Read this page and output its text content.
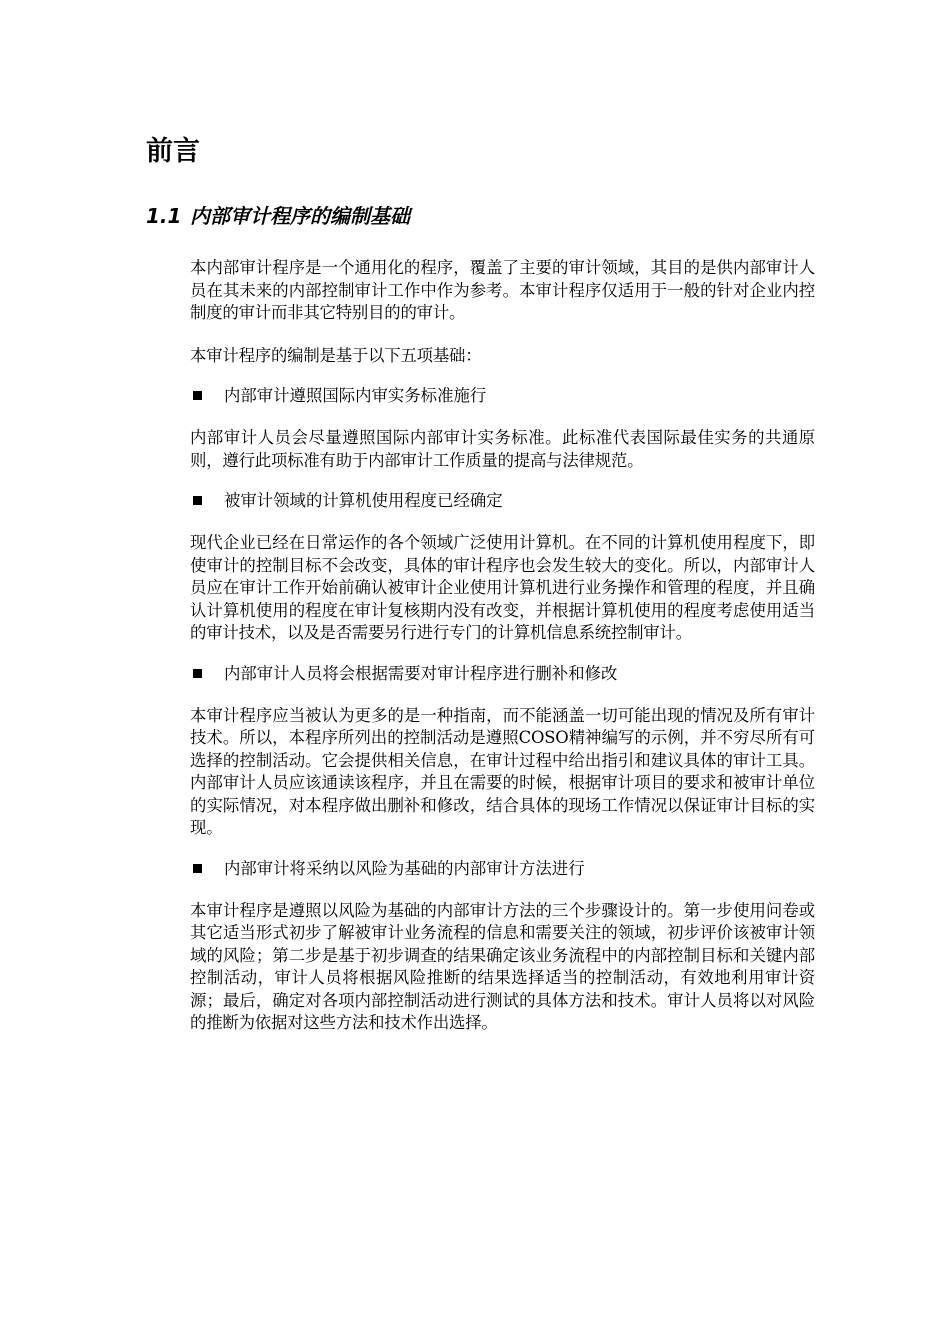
前言
1.1 内部审计程序的编制基础

本内部审计程序是一个通用化的程序，覆盖了主要的审计领域，其目的是供内部审计人员在其未来的内部控制审计工作中作为参考。本审计程序仅适用于一般的针对企业内控制度的审计而非其它特别目的的审计。

本审计程序的编制是基于以下五项基础：

内部审计遵照国际内审实务标准施行

内部审计人员会尽量遵照国际内部审计实务标准。此标准代表国际最佳实务的共通原则，遵行此项标准有助于内部审计工作质量的提高与法律规范。

被审计领域的计算机使用程度已经确定

现代企业已经在日常运作的各个领域广泛使用计算机。在不同的计算机使用程度下，即使审计的控制目标不会改变，具体的审计程序也会发生较大的变化。所以，内部审计人员应在审计工作开始前确认被审计企业使用计算机进行业务操作和管理的程度，并且确认计算机使用的程度在审计复核期内没有改变，并根据计算机使用的程度考虑使用适当的审计技术，以及是否需要另行进行专门的计算机信息系统控制审计。

内部审计人员将会根据需要对审计程序进行删补和修改

本审计程序应当被认为更多的是一种指南，而不能涵盖一切可能出现的情况及所有审计技术。所以，本程序所列出的控制活动是遵照COSO精神编写的示例，并不穷尽所有可选择的控制活动。它会提供相关信息，在审计过程中给出指引和建议具体的审计工具。内部审计人员应该通读该程序，并且在需要的时候，根据审计项目的要求和被审计单位的实际情况，对本程序做出删补和修改，结合具体的现场工作情况以保证审计目标的实现。

内部审计将采纳以风险为基础的内部审计方法进行

本审计程序是遵照以风险为基础的内部审计方法的三个步骤设计的。第一步使用问卷或其它适当形式初步了解被审计业务流程的信息和需要关注的领域，初步评价该被审计领域的风险；第二步是基于初步调查的结果确定该业务流程中的内部控制目标和关键内部控制活动，审计人员将根据风险推断的结果选择适当的控制活动，有效地利用审计资源；最后，确定对各项内部控制活动进行测试的具体方法和技术。审计人员将以对风险的推断为依据对这些方法和技术作出选择。
